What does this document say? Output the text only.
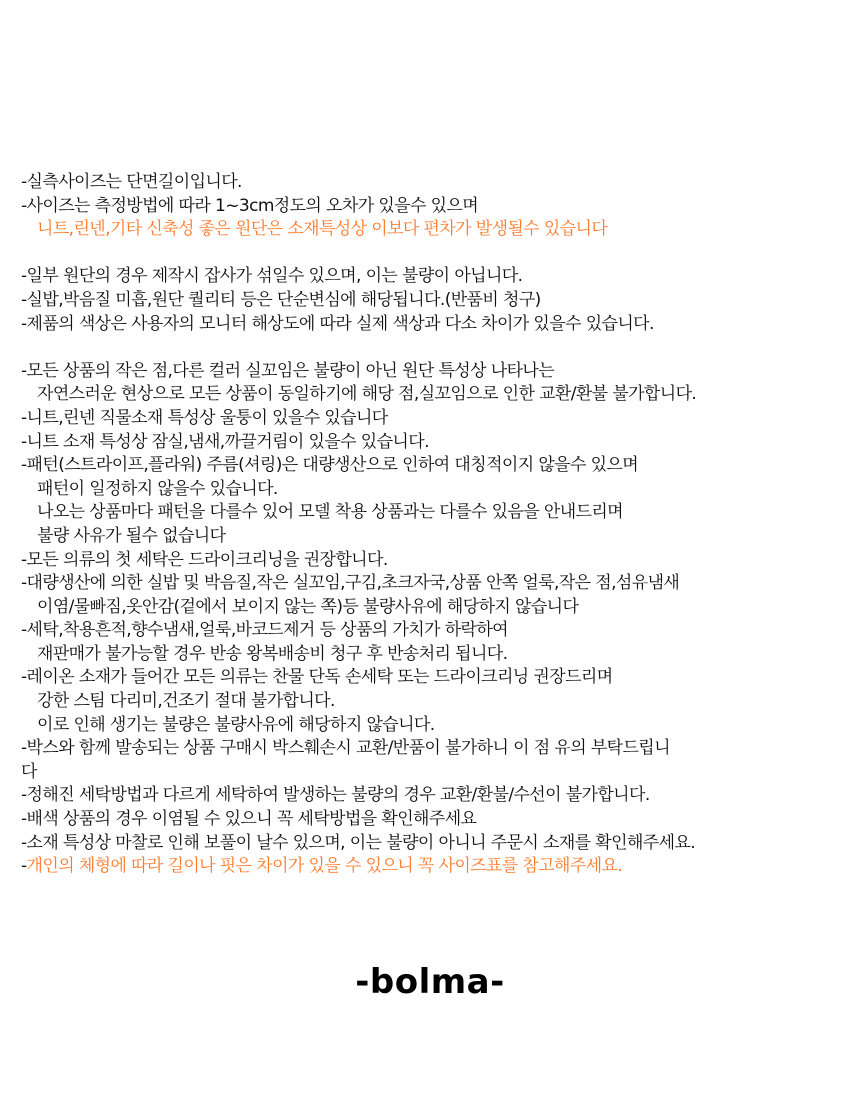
-실측사이즈는 단면길이입니다.
-사이즈는 측정방법에 따라 1~3cm정도의 오차가 있을수 있으며
니트,린넨,기타 신축성 좋은 원단은 소재특성상 이보다 편차가 발생될수 있습니다
-일부 원단의 경우 제작시 잡사가 섞일수 있으며, 이는 불량이 아닙니다.
-실밥,박음질 미흡,원단 퀄리티 등은 단순변심에 해당됩니다.(반품비 청구)
-제품의 색상은 사용자의 모니터 해상도에 따라 실제 색상과 다소 차이가 있을수 있습니다.
-모든 상품의 작은 점,다른 컬러 실꼬임은 불량이 아닌 원단 특성상 나타나는
자연스러운 현상으로 모든 상품이 동일하기에 해당 점,실꼬임으로 인한 교환/환불 불가합니다.
-니트,린넨 직물소재 특성상 울퉁이 있을수 있습니다
-니트 소재 특성상 잠실,냄새,까끌거림이 있을수 있습니다.
-패턴(스트라이프,플라워) 주름(셔링)은 대량생산으로 인하여 대칭적이지 않을수 있으며
패턴이 일정하지 않을수 있습니다.
나오는 상품마다 패턴을 다를수 있어 모델 착용 상품과는 다를수 있음을 안내드리며
불량 사유가 될수 없습니다
-모든 의류의 첫 세탁은 드라이크리닝을 권장합니다.
-대량생산에 의한 실밥 및 박음질,작은 실꼬임,구김,초크자국,상품 안쪽 얼룩,작은 점,섬유냄새
이염/물빠짐,옷안감(겉에서 보이지 않는 쪽)등 불량사유에 해당하지 않습니다
-세탁,착용흔적,향수냄새,얼룩,바코드제거 등 상품의 가치가 하락하여
재판매가 불가능할 경우 반송 왕복배송비 청구 후 반송처리 됩니다.
-레이온 소재가 들어간 모든 의류는 찬물 단독 손세탁 또는 드라이크리닝 권장드리며
강한 스팀 다리미,건조기 절대 불가합니다.
이로 인해 생기는 불량은 불량사유에 해당하지 않습니다.
-박스와 함께 발송되는 상품 구매시 박스훼손시 교환/반품이 불가하니 이 점 유의 부탁드립니
다
-정해진 세탁방법과 다르게 세탁하여 발생하는 불량의 경우 교환/환불/수선이 불가합니다.
-배색 상품의 경우 이염될 수 있으니 꼭 세탁방법을 확인해주세요
-소재 특성상 마찰로 인해 보풀이 날수 있으며, 이는 불량이 아니니 주문시 소재를 확인해주세요.
-개인의 체형에 따라 길이나 핏은 차이가 있을 수 있으니 꼭 사이즈표를 참고해주세요.
-bolma-
